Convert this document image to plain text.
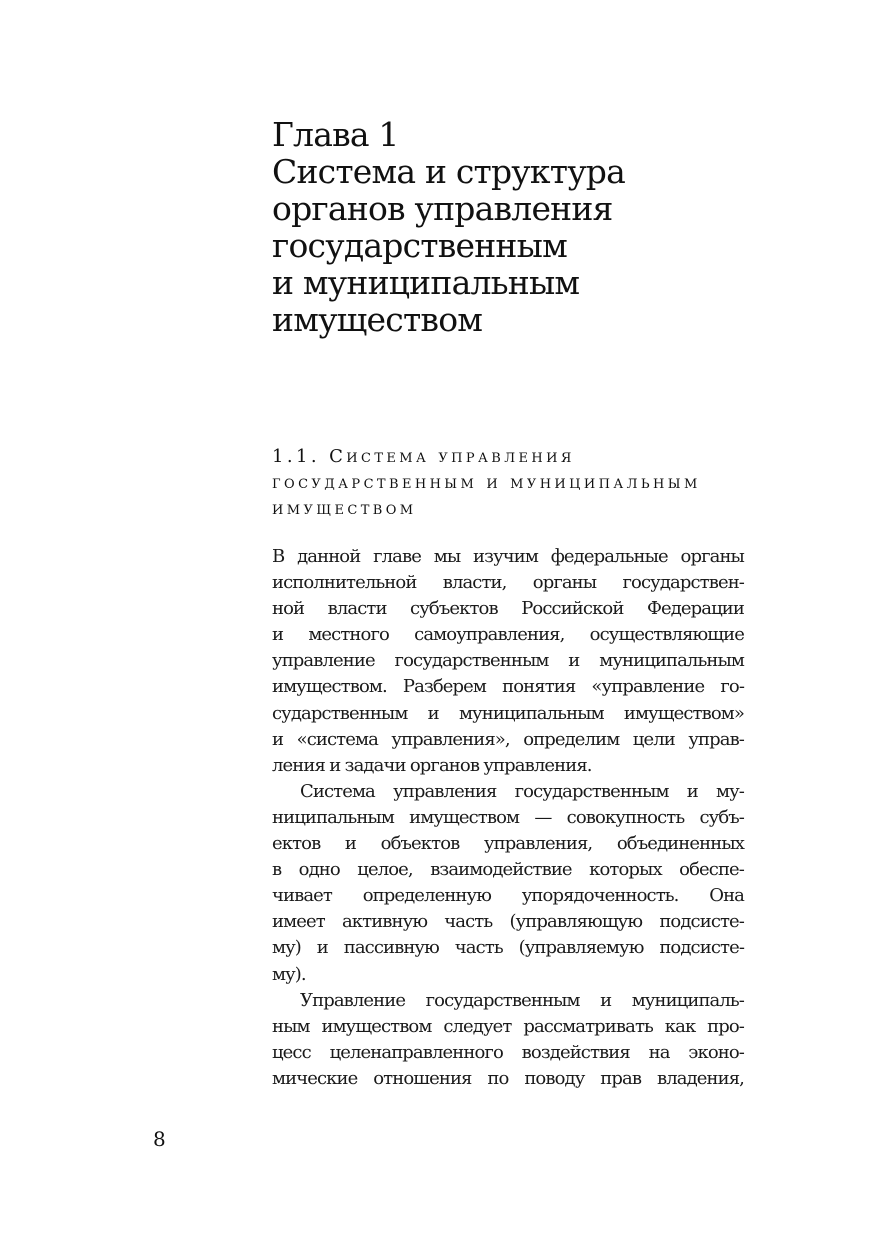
Глава 1
Система и структура
органов управления
государственным
и муниципальным
имуществом
1.1. Система управления
государственным и муниципальным
имуществом
В данной главе мы изучим федеральные органы
исполнительной власти, органы государствен-
ной власти субъектов Российской Федерации
и местного самоуправления, осуществляющие
управление государственным и муниципальным
имуществом. Разберем понятия «управление го-
сударственным и муниципальным имуществом»
и «система управления», определим цели управ-
ления и задачи органов управления.
Система управления государственным и му-
ниципальным имуществом — совокупность субъ-
ектов и объектов управления, объединенных
в одно целое, взаимодействие которых обеспе-
чивает определенную упорядоченность. Она
имеет активную часть (управляющую подсисте-
му) и пассивную часть (управляемую подсисте-
му).
Управление государственным и муниципаль-
ным имуществом следует рассматривать как про-
цесс целенаправленного воздействия на эконо-
мические отношения по поводу прав владения,
8
